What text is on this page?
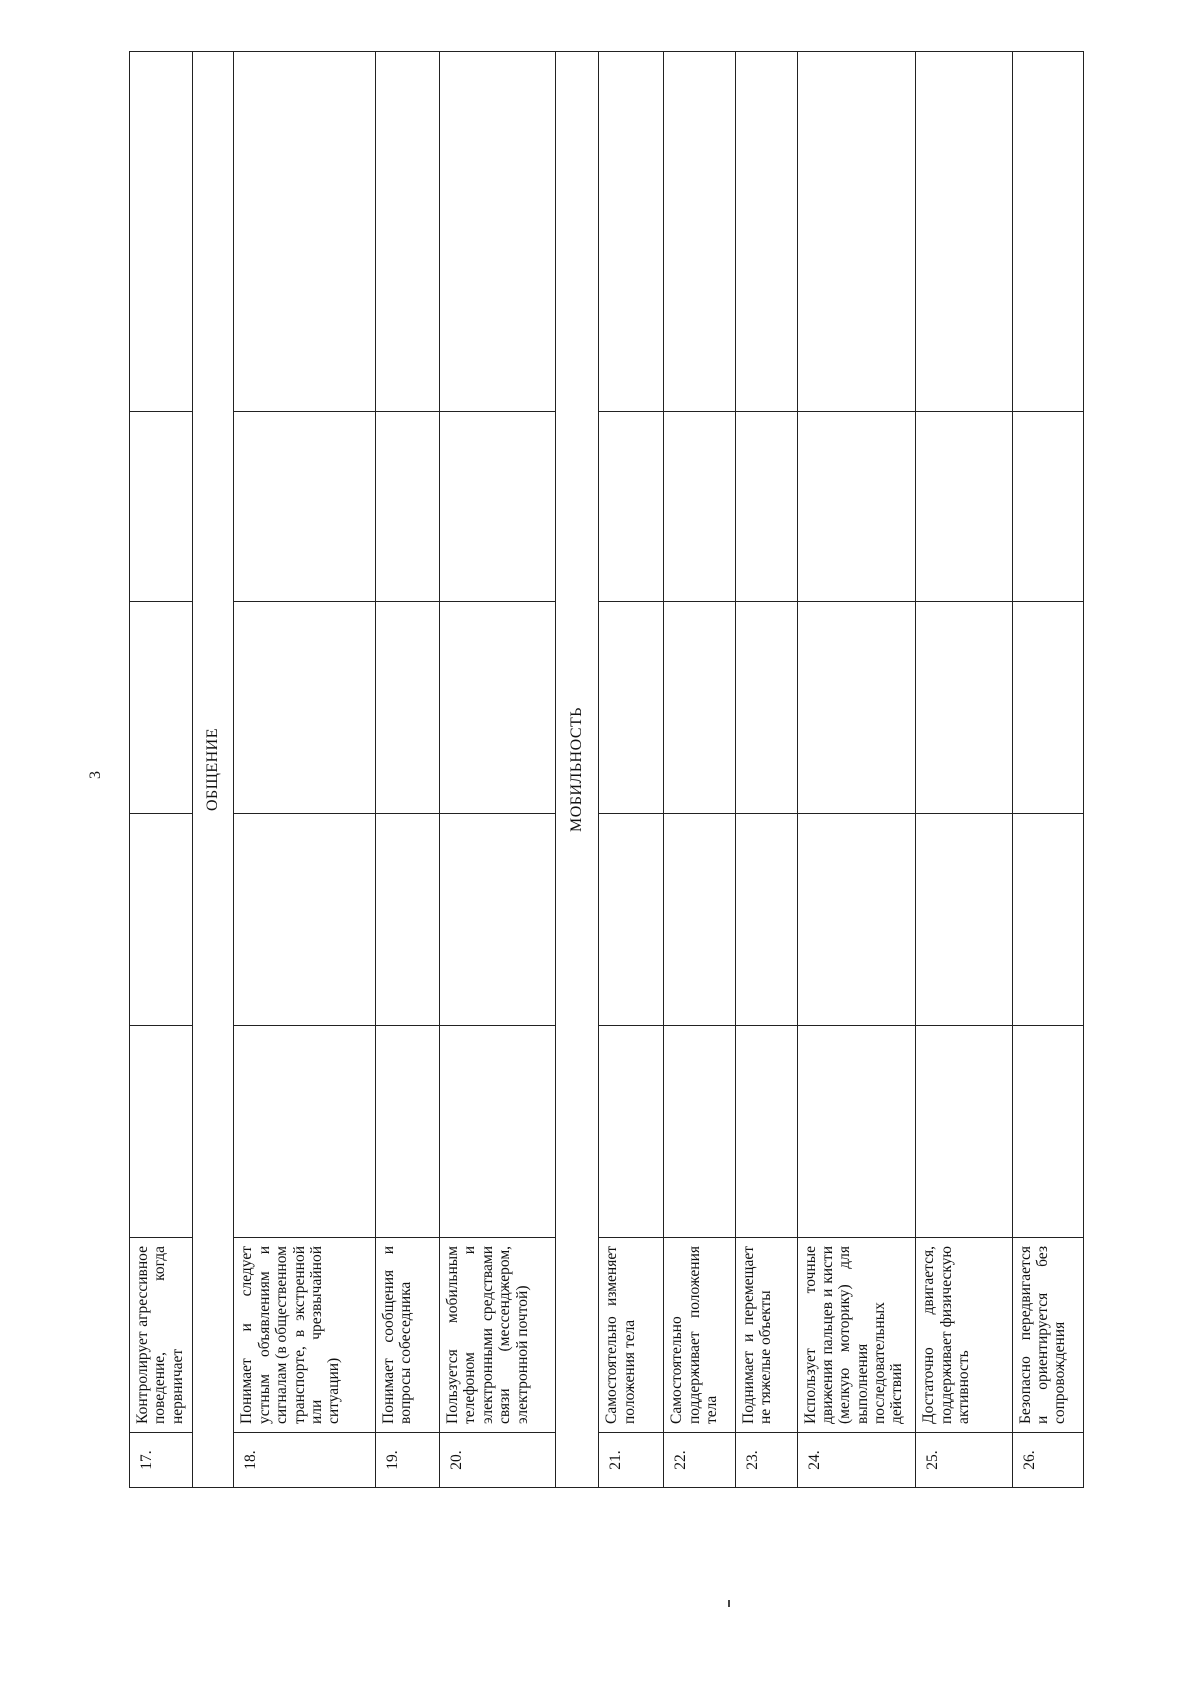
3
17.	Контролирует агрессивное поведение, когда нервничает					
ОБЩЕНИЕ						
18.	Понимает и следует устным объявлениям и сигналам (в общественном транспорте, в экстренной или чрезвычайной ситуации)					
19.	Понимает сообщения и вопросы собеседника					
20.	Пользуется мобильным телефоном и электронными средствами связи (мессенджером, электронной почтой)					
МОБИЛЬНОСТЬ						
21.	Самостоятельно изменяет положения тела					
22.	Самостоятельно поддерживает положения тела					
23.	Поднимает и перемещает не тяжелые объекты					
24.	Использует точные движения пальцев и кисти (мелкую моторику) для выполнения последовательных действий					
25.	Достаточно двигается, поддерживает физическую активность					
26.	Безопасно передвигается и ориентируется без сопровождения					
